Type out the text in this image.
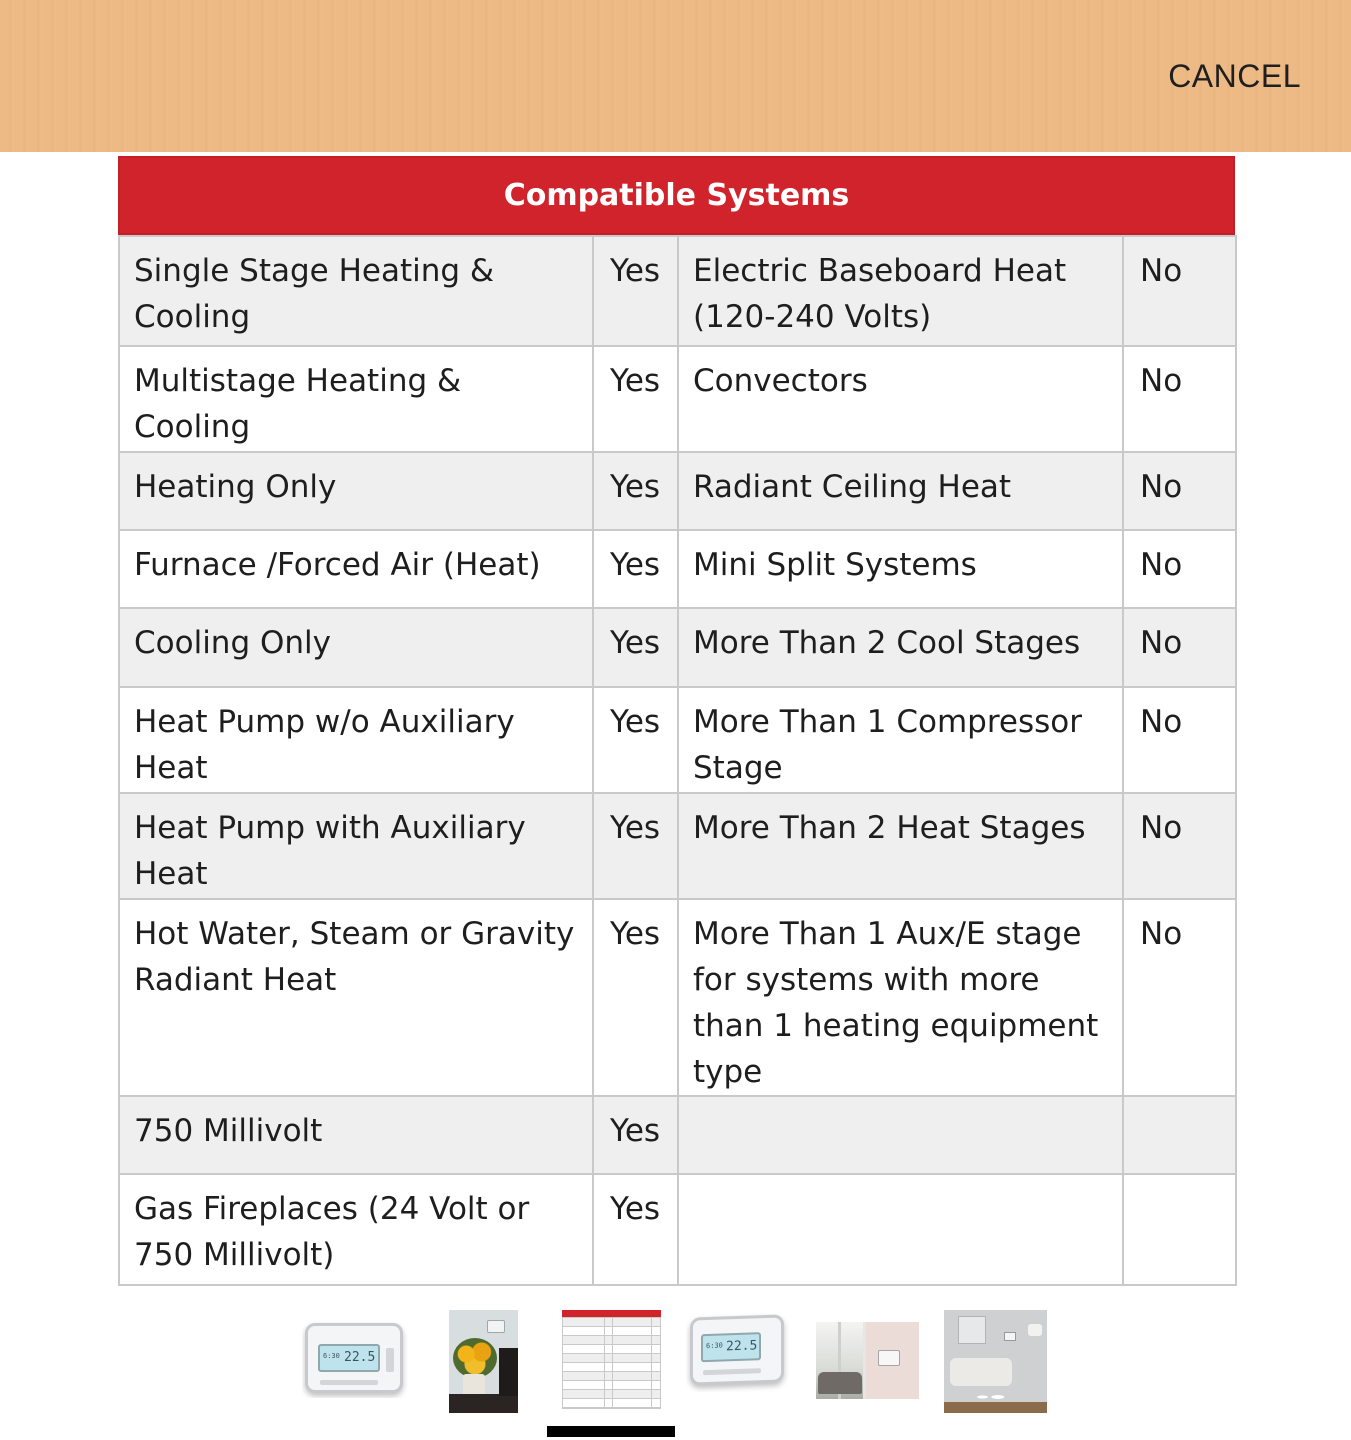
CANCEL
Compatible Systems
Single Stage Heating & Cooling	Yes	Electric Baseboard Heat (120-240 Volts)	No
Multistage Heating & Cooling	Yes	Convectors	No
Heating Only	Yes	Radiant Ceiling Heat	No
Furnace /Forced Air (Heat)	Yes	Mini Split Systems	No
Cooling Only	Yes	More Than 2 Cool Stages	No
Heat Pump w/o Auxiliary Heat	Yes	More Than 1 Compressor Stage	No
Heat Pump with Auxiliary Heat	Yes	More Than 2 Heat Stages	No
Hot Water, Steam or Gravity Radiant Heat	Yes	More Than 1 Aux/E stage for systems with more than 1 heating equipment type	No
750 Millivolt	Yes		
Gas Fireplaces (24 Volt or 750 Millivolt)	Yes		
6:30 22.5
6:30 22.5
